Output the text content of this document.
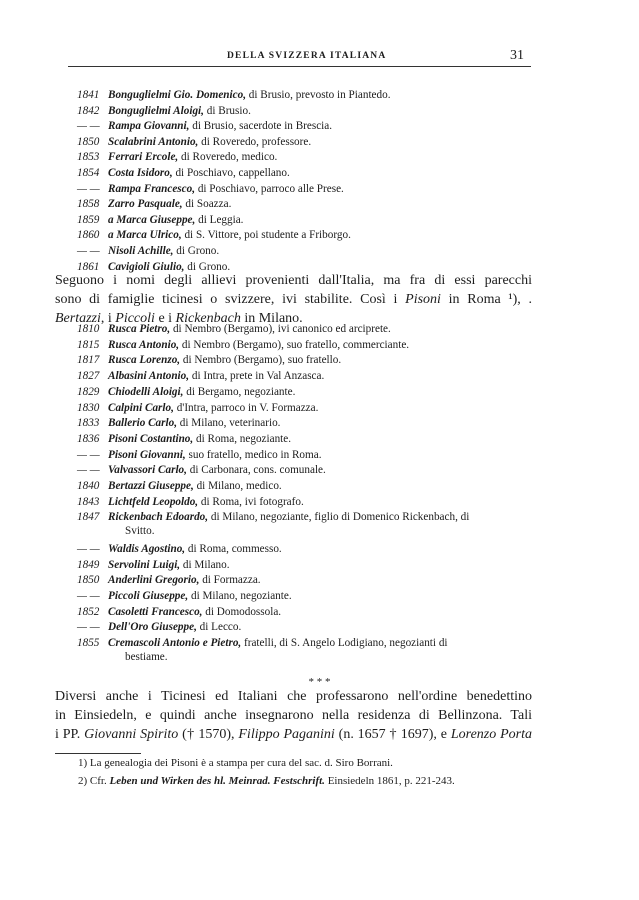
DELLA SVIZZERA ITALIANA	31
1841 Bonguglielmi Gio. Domenico, di Brusio, prevosto in Piantedo.
1842 Bonguglielmi Aloigi, di Brusio.
— — Rampa Giovanni, di Brusio, sacerdote in Brescia.
1850 Scalabrini Antonio, di Roveredo, professore.
1853 Ferrari Ercole, di Roveredo, medico.
1854 Costa Isidoro, di Poschiavo, cappellano.
— — Rampa Francesco, di Poschiavo, parroco alle Prese.
1858 Zarro Pasquale, di Soazza.
1859 a Marca Giuseppe, di Leggia.
1860 a Marca Ulrico, di S. Vittore, poi studente a Friborgo.
— — Nisoli Achille, di Grono.
1861 Cavigioli Giulio, di Grono.
Seguono i nomi degli allievi provenienti dall'Italia, ma fra di essi parecchi
sono di famiglie ticinesi o svizzere, ivi stabilite. Così i Pisoni in Roma ¹), .
Bertazzi, i Piccoli e i Rickenbach in Milano.
1810 Rusca Pietro, di Nembro (Bergamo), ivi canonico ed arciprete.
1815 Rusca Antonio, di Nembro (Bergamo), suo fratello, commerciante.
1817 Rusca Lorenzo, di Nembro (Bergamo), suo fratello.
1827 Albasini Antonio, di Intra, prete in Val Anzasca.
1829 Chiodelli Aloigi, di Bergamo, negoziante.
1830 Calpini Carlo, d'Intra, parroco in V. Formazza.
1833 Ballerio Carlo, di Milano, veterinario.
1836 Pisoni Costantino, di Roma, negoziante.
— — Pisoni Giovanni, suo fratello, medico in Roma.
— — Valvassori Carlo, di Carbonara, cons. comunale.
1840 Bertazzi Giuseppe, di Milano, medico.
1843 Lichtfeld Leopoldo, di Roma, ivi fotografo.
1847 Rickenbach Edoardo, di Milano, negoziante, figlio di Domenico Rickenbach, di
Svitto.
— — Waldis Agostino, di Roma, commesso.
1849 Servolini Luigi, di Milano.
1850 Anderlini Gregorio, di Formazza.
— — Piccoli Giuseppe, di Milano, negoziante.
1852 Casoletti Francesco, di Domodossola.
— — Dell'Oro Giuseppe, di Lecco.
1855 Cremascoli Antonio e Pietro, fratelli, di S. Angelo Lodigiano, negozianti di
bestiame.
* * *
Diversi anche i Ticinesi ed Italiani che professarono nell'ordine benedettino
in Einsiedeln, e quindi anche insegnarono nella residenza di Bellinzona. Tali
i PP. Giovanni Spirito († 1570), Filippo Paganini (n. 1657 † 1697), e Lorenzo Porta
1) La genealogia dei Pisoni è a stampa per cura del sac. d. Siro Borrani.
2) Cfr. Leben und Wirken des hl. Meinrad. Festschrift. Einsiedeln 1861, p. 221-243.
